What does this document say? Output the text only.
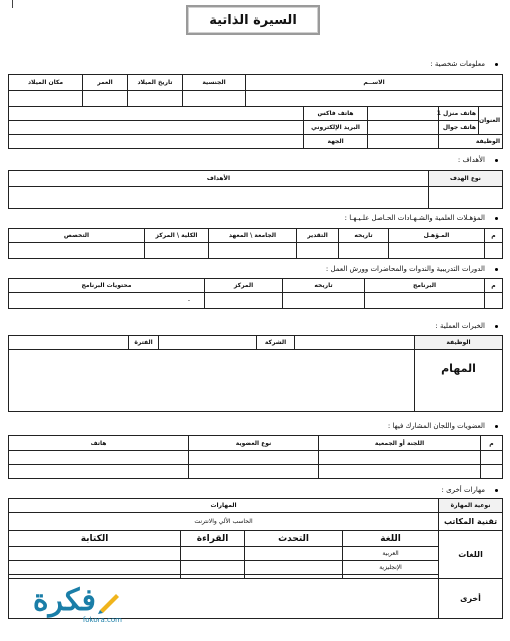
السيرة الذاتية
معلومات شخصية :
الاســم					الجنسية	تاريخ الميلاد	العمر	مكان الميلاد

العنوان	هاتف منزل 1		هاتف فاكس					
	هاتف جوال		البريد الإلكتروني					
الوظيفة			الجهة					
الأهداف :
نوع الهدف	الأهداف

المؤهـلات العلمية والشـهـادات الحـاصل علـيـهـا :
م	المـؤهـل	تاريخه	التقدير	الجامعة \ المعهد	الكلية \ المركز	التخصص

الدورات التدريبية والندوات والمحاضرات وورش العمل :
م	البرنامج	تاريخه	المركز	محتويات البرنامج
				-
الخبرات العملية :
الوظيفة		الشركة		الفترة	
المهام					
العضويات واللجان المشارك فيها :
م	اللجنة أو الجمعية	نوع العضوية	هاتف

مهارات أخرى :
نوعية المهارة	المهارات			
تقنية المكاتب	الحاسب الألي والانترنت			
اللغات	اللغة	التحدث	القراءة	الكتابة
	العربية			
	الإنجليزية			

أخرى				
فكرة
fokora.com
